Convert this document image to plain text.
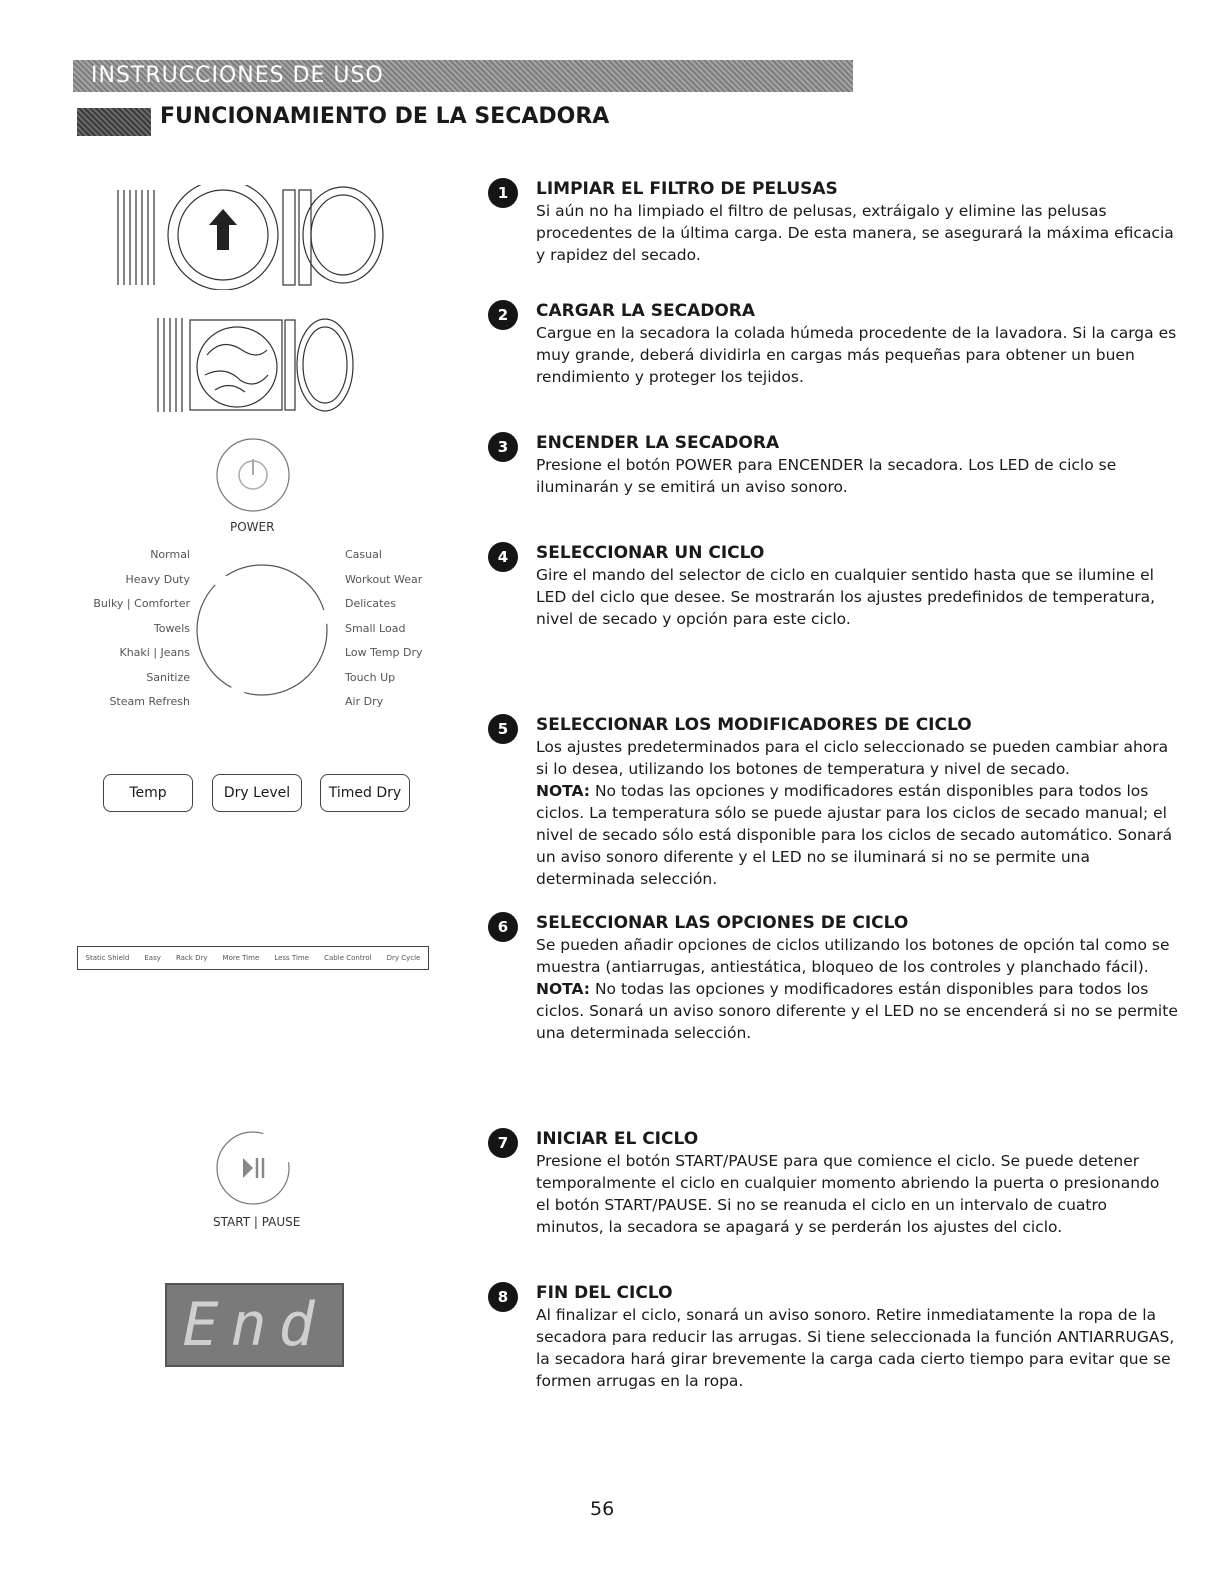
INSTRUCCIONES DE USO
FUNCIONAMIENTO DE LA SECADORA
POWER
Normal
Heavy Duty
Bulky | Comforter
Towels
Khaki | Jeans
Sanitize
Steam Refresh
Casual
Workout Wear
Delicates
Small Load
Low Temp Dry
Touch Up
Air Dry
Temp	Dry Level	Timed Dry
Static Shield Easy Rack Dry More Time Less Time Cable Control Dry Cycle
START | PAUSE
End
1	LIMPIAR EL FILTRO DE PELUSAS

Si aún no ha limpiado el filtro de pelusas, extráigalo y elimine las pelusas procedentes de la última carga. De esta manera, se asegurará la máxima eficacia y rapidez del secado.

2	CARGAR LA SECADORA

Cargue en la secadora la colada húmeda procedente de la lavadora. Si la carga es muy grande, deberá dividirla en cargas más pequeñas para obtener un buen rendimiento y proteger los tejidos.

3	ENCENDER LA SECADORA

Presione el botón POWER para ENCENDER la secadora. Los LED de ciclo se iluminarán y se emitirá un aviso sonoro.

4	SELECCIONAR UN CICLO

Gire el mando del selector de ciclo en cualquier sentido hasta que se ilumine el LED del ciclo que desee. Se mostrarán los ajustes predefinidos de temperatura, nivel de secado y opción para este ciclo.

5	SELECCIONAR LOS MODIFICADORES DE CICLO

Los ajustes predeterminados para el ciclo seleccionado se pueden cambiar ahora si lo desea, utilizando los botones de temperatura y nivel de secado.

NOTA: No todas las opciones y modificadores están disponibles para todos los ciclos. La temperatura sólo se puede ajustar para los ciclos de secado manual; el nivel de secado sólo está disponible para los ciclos de secado automático. Sonará un aviso sonoro diferente y el LED no se iluminará si no se permite una determinada selección.

6	SELECCIONAR LAS OPCIONES DE CICLO

Se pueden añadir opciones de ciclos utilizando los botones de opción tal como se muestra (antiarrugas, antiestática, bloqueo de los controles y planchado fácil).

NOTA: No todas las opciones y modificadores están disponibles para todos los ciclos. Sonará un aviso sonoro diferente y el LED no se encenderá si no se permite una determinada selección.

7	INICIAR EL CICLO

Presione el botón START/PAUSE para que comience el ciclo. Se puede detener temporalmente el ciclo en cualquier momento abriendo la puerta o presionando el botón START/PAUSE. Si no se reanuda el ciclo en un intervalo de cuatro minutos, la secadora se apagará y se perderán los ajustes del ciclo.

8	FIN DEL CICLO

Al finalizar el ciclo, sonará un aviso sonoro. Retire inmediatamente la ropa de la secadora para reducir las arrugas. Si tiene seleccionada la función ANTIARRUGAS, la secadora hará girar brevemente la carga cada cierto tiempo para evitar que se formen arrugas en la ropa.

56
